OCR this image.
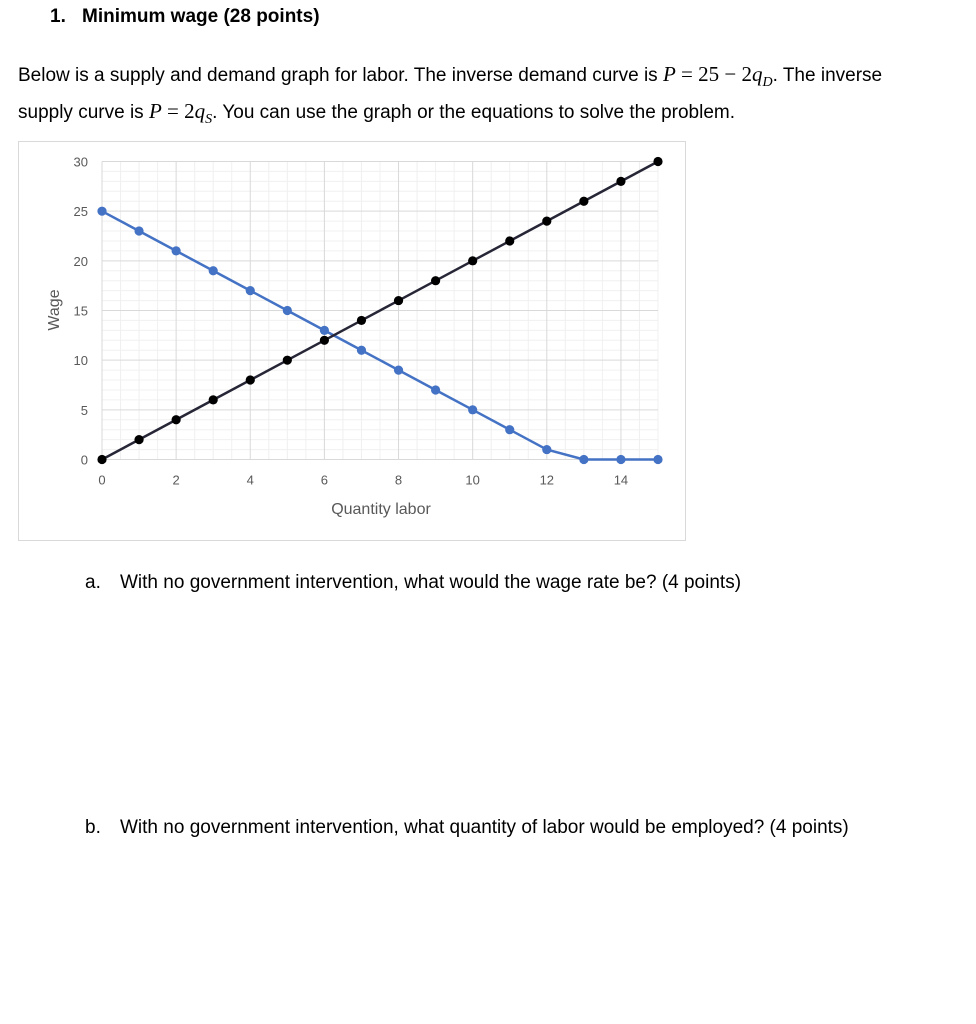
1. Minimum wage (28 points)
Below is a supply and demand graph for labor. The inverse demand curve is $P = 25 - 2q_D$. The inverse supply curve is $P = 2q_S$. You can use the graph or the equations to solve the problem.
0	2	4	6	8	10	12	14
0
5
10
15
20
25
30
Quantity labor
Wage
a. With no government intervention, what would the wage rate be? (4 points)
b. With no government intervention, what quantity of labor would be employed? (4 points)
